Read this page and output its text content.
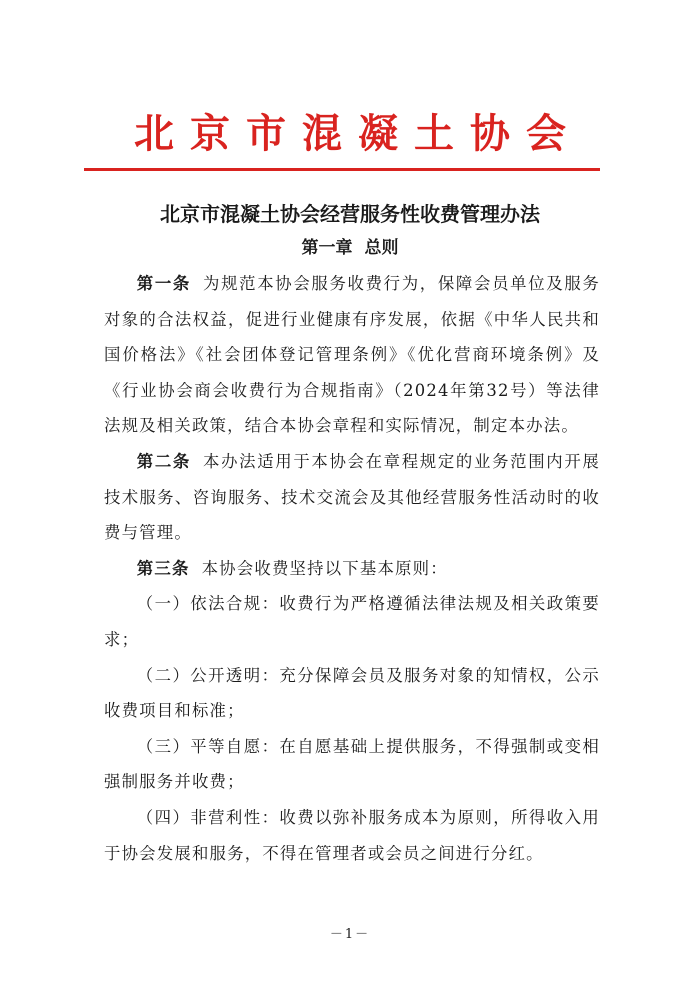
北京市混凝土协会
北京市混凝土协会经营服务性收费管理办法
第一章 总则

第一条 为规范本协会服务收费行为，保障会员单位及服务对象的合法权益，促进行业健康有序发展，依据《中华人民共和国价格法》《社会团体登记管理条例》《优化营商环境条例》及《行业协会商会收费行为合规指南》（2024年第32号）等法律法规及相关政策，结合本协会章程和实际情况，制定本办法。

第二条 本办法适用于本协会在章程规定的业务范围内开展技术服务、咨询服务、技术交流会及其他经营服务性活动时的收费与管理。

第三条 本协会收费坚持以下基本原则：

（一）依法合规：收费行为严格遵循法律法规及相关政策要求；

（二）公开透明：充分保障会员及服务对象的知情权，公示收费项目和标准；

（三）平等自愿：在自愿基础上提供服务，不得强制或变相强制服务并收费；

（四）非营利性：收费以弥补服务成本为原则，所得收入用于协会发展和服务，不得在管理者或会员之间进行分红。

－1－
